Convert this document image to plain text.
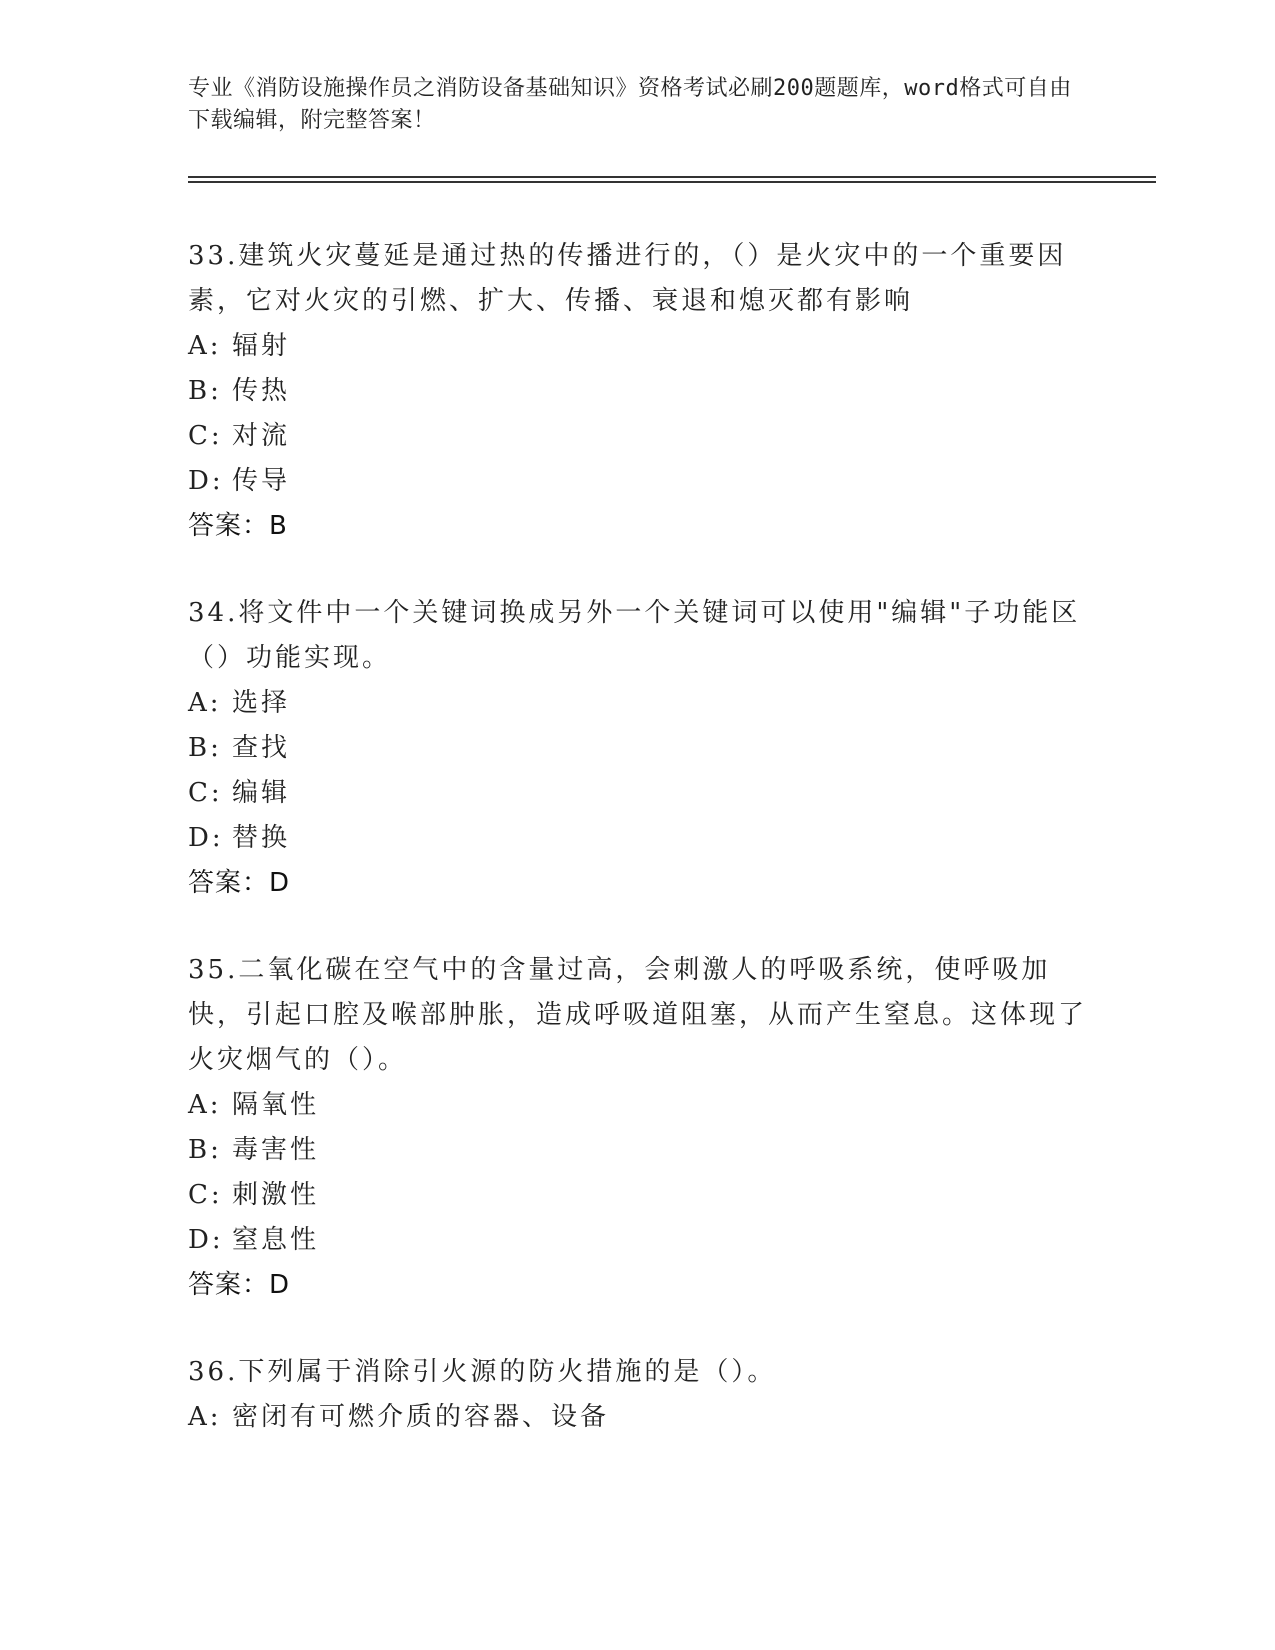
专业《消防设施操作员之消防设备基础知识》资格考试必刷200题题库，word格式可自由下载编辑，附完整答案！

33.建筑火灾蔓延是通过热的传播进行的，（）是火灾中的一个重要因素，它对火灾的引燃、扩大、传播、衰退和熄灭都有影响

A: 辐射
B: 传热
C: 对流
D: 传导
答案：B

34.将文件中一个关键词换成另外一个关键词可以使用"编辑"子功能区（）功能实现。

A: 选择
B: 查找
C: 编辑
D: 替换
答案：D

35.二氧化碳在空气中的含量过高，会刺激人的呼吸系统，使呼吸加快，引起口腔及喉部肿胀，造成呼吸道阻塞，从而产生窒息。这体现了火灾烟气的（）。

A: 隔氧性
B: 毒害性
C: 刺激性
D: 窒息性
答案：D

36.下列属于消除引火源的防火措施的是（）。

A: 密闭有可燃介质的容器、设备
